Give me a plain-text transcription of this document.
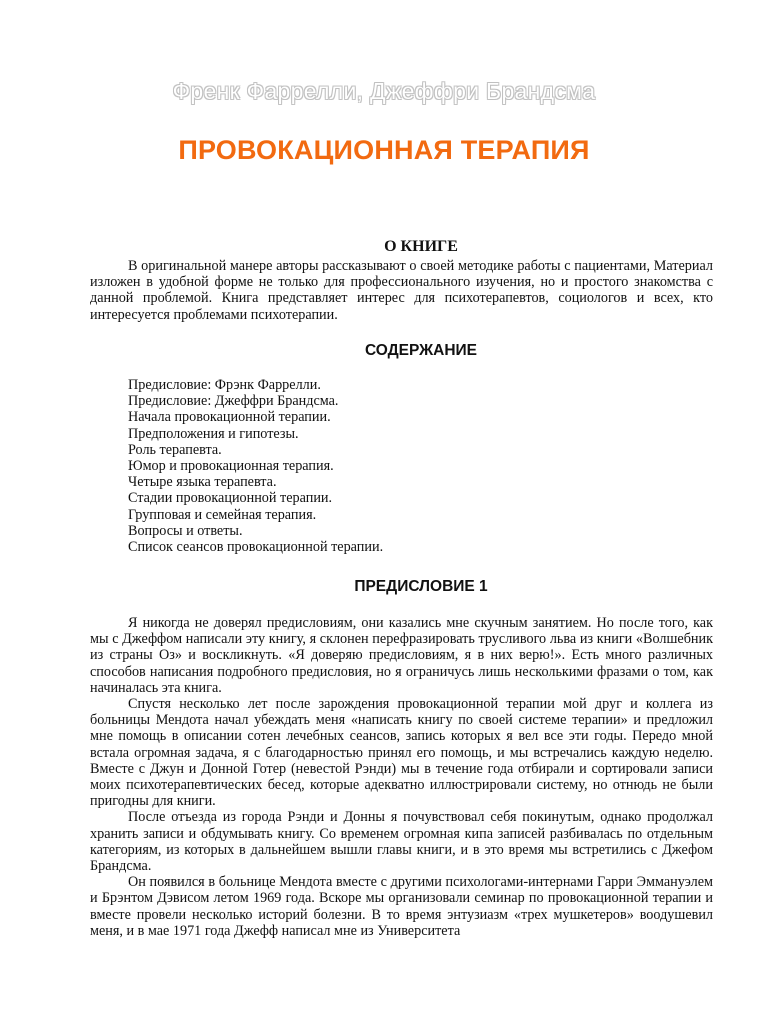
Френк Фаррелли, Джеффри Брандсма
ПРОВОКАЦИОННАЯ ТЕРАПИЯ
О КНИГЕ

В оригинальной манере авторы рассказывают о своей методике работы с пациентами, Материал изложен в удобной форме не только для профессионального изучения, но и простого знакомства с данной проблемой. Книга представляет интерес для психотерапевтов, социологов и всех, кто интересуется проблемами психотерапии.

СОДЕРЖАНИЕ
Предисловие: Фрэнк Фаррелли.
Предисловие: Джеффри Брандсма.
Начала провокационной терапии.
Предположения и гипотезы.
Роль терапевта.
Юмор и провокационная терапия.
Четыре языка терапевта.
Стадии провокационной терапии.
Групповая и семейная терапия.
Вопросы и ответы.
Список сеансов провокационной терапии.
ПРЕДИСЛОВИЕ 1

Я никогда не доверял предисловиям, они казались мне скучным занятием. Но после того, как мы с Джеффом написали эту книгу, я склонен перефразировать трусливого льва из книги «Волшебник из страны Оз» и воскликнуть. «Я доверяю предисловиям, я в них верю!». Есть много различных способов написания подробного предисловия, но я ограничусь лишь несколькими фразами о том, как начиналась эта книга.

Спустя несколько лет после зарождения провокационной терапии мой друг и коллега из больницы Мендота начал убеждать меня «написать книгу по своей системе терапии» и предложил мне помощь в описании сотен лечебных сеансов, запись которых я вел все эти годы. Передо мной встала огромная задача, я с благодарностью принял его помощь, и мы встречались каждую неделю. Вместе с Джун и Донной Готер (невестой Рэнди) мы в течение года отбирали и сортировали записи моих психотерапевтических бесед, которые адекватно иллюстрировали систему, но отнюдь не были пригодны для книги.

После отъезда из города Рэнди и Донны я почувствовал себя покинутым, однако продолжал хранить записи и обдумывать книгу. Со временем огромная кипа записей разбивалась по отдельным категориям, из которых в дальнейшем вышли главы книги, и в это время мы встретились с Джефом Брандсма.

Он появился в больнице Мендота вместе с другими психологами-интернами Гарри Эммануэлем и Брэнтом Дэвисом летом 1969 года. Вскоре мы организовали семинар по провокационной терапии и вместе провели несколько историй болезни. В то время энтузиазм «трех мушкетеров» воодушевил меня, и в мае 1971 года Джефф написал мне из Университета
